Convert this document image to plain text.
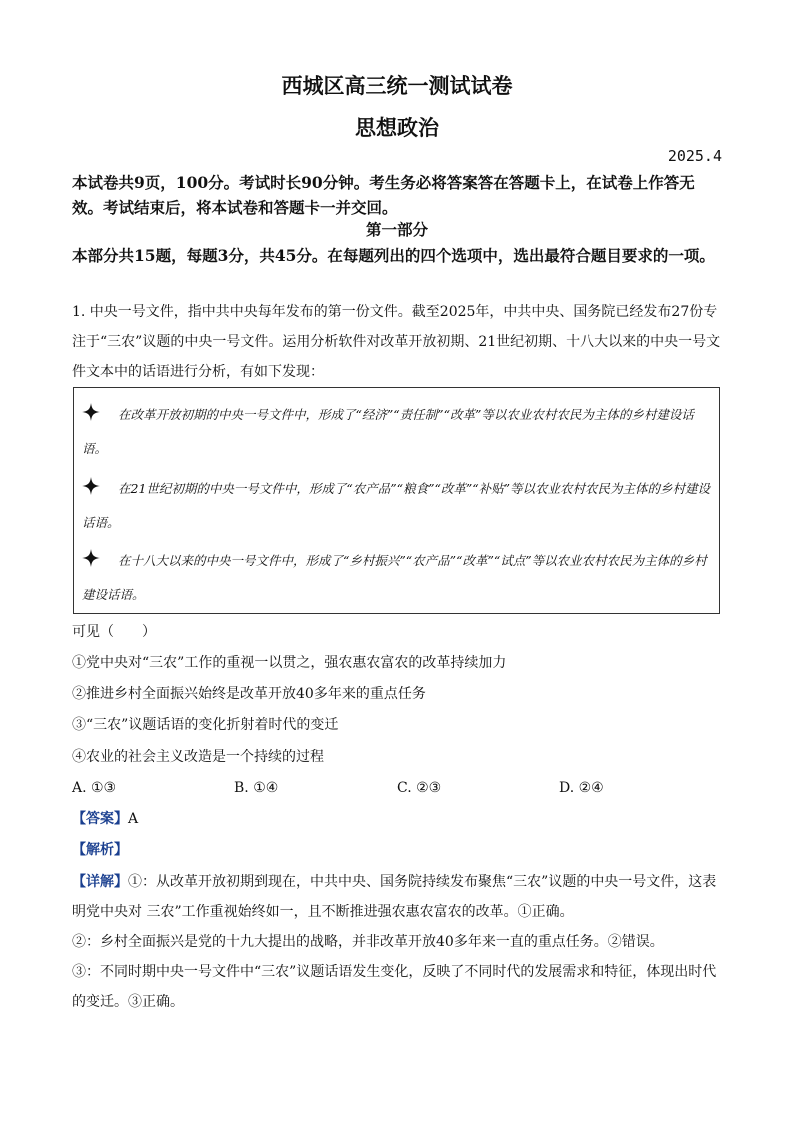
西城区高三统一测试试卷
思想政治
2025.4
本试卷共9页，100分。考试时长90分钟。考生务必将答案答在答题卡上，在试卷上作答无效。考试结束后，将本试卷和答题卡一并交回。
第一部分
本部分共15题，每题3分，共45分。在每题列出的四个选项中，选出最符合题目要求的一项。
1. 中央一号文件，指中共中央每年发布的第一份文件。截至2025年，中共中央、国务院已经发布27份专注于“三农”议题的中央一号文件。运用分析软件对改革开放初期、21世纪初期、十八大以来的中央一号文件文本中的话语进行分析，有如下发现：
在改革开放初期的中央一号文件中，形成了“经济”“责任制”“改革”等以农业农村农民为主体的乡村建设话语。
在21世纪初期的中央一号文件中，形成了“农产品”“粮食”“改革”“补贴”等以农业农村农民为主体的乡村建设话语。
在十八大以来的中央一号文件中，形成了“乡村振兴”“农产品”“改革”“试点”等以农业农村农民为主体的乡村建设话语。
可见（　　）
①党中央对“三农”工作的重视一以贯之，强农惠农富农的改革持续加力
②推进乡村全面振兴始终是改革开放40多年来的重点任务
③“三农”议题话语的变化折射着时代的变迁
④农业的社会主义改造是一个持续的过程
A. ①③	B. ①④	C. ②③	D. ②④
【答案】A
【解析】
【详解】①：从改革开放初期到现在，中共中央、国务院持续发布聚焦“三农”议题的中央一号文件，这表明党中央对 三农”工作重视始终如一，且不断推进强农惠农富农的改革。①正确。
②：乡村全面振兴是党的十九大提出的战略，并非改革开放40多年来一直的重点任务。②错误。
③：不同时期中央一号文件中“三农”议题话语发生变化，反映了不同时代的发展需求和特征，体现出时代的变迁。③正确。
